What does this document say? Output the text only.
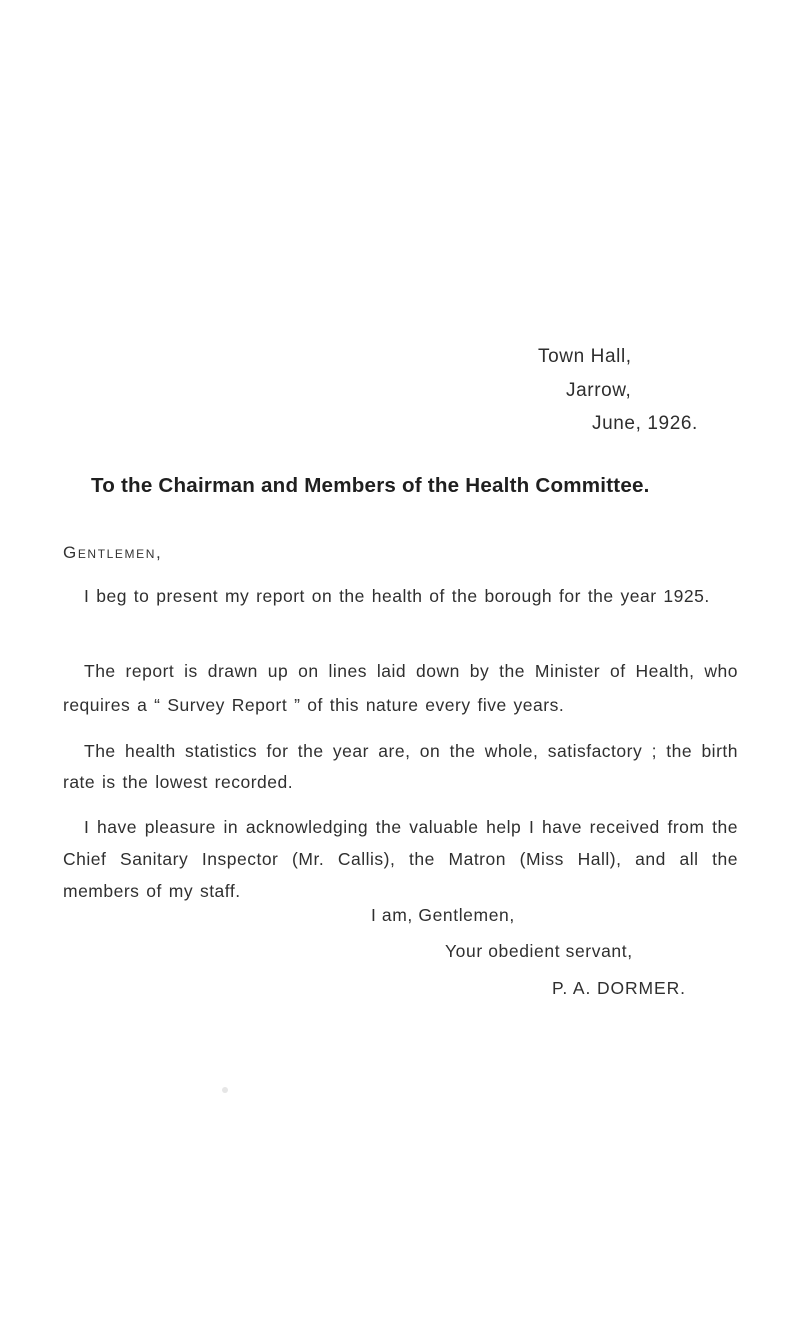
Town Hall,
Jarrow,
June, 1926.
To the Chairman and Members of the Health Committee.
Gentlemen,

I beg to present my report on the health of the borough for the year 1925.

The report is drawn up on lines laid down by the Minister of Health, who requires a “ Survey Report ” of this nature every five years.

The health statistics for the year are, on the whole, satisfactory ; the birth rate is the lowest recorded.

I have pleasure in acknowledging the valuable help I have received from the Chief Sanitary Inspector (Mr. Callis), the Matron (Miss Hall), and all the members of my staff.

I am, Gentlemen,
Your obedient servant,
P. A. DORMER.
